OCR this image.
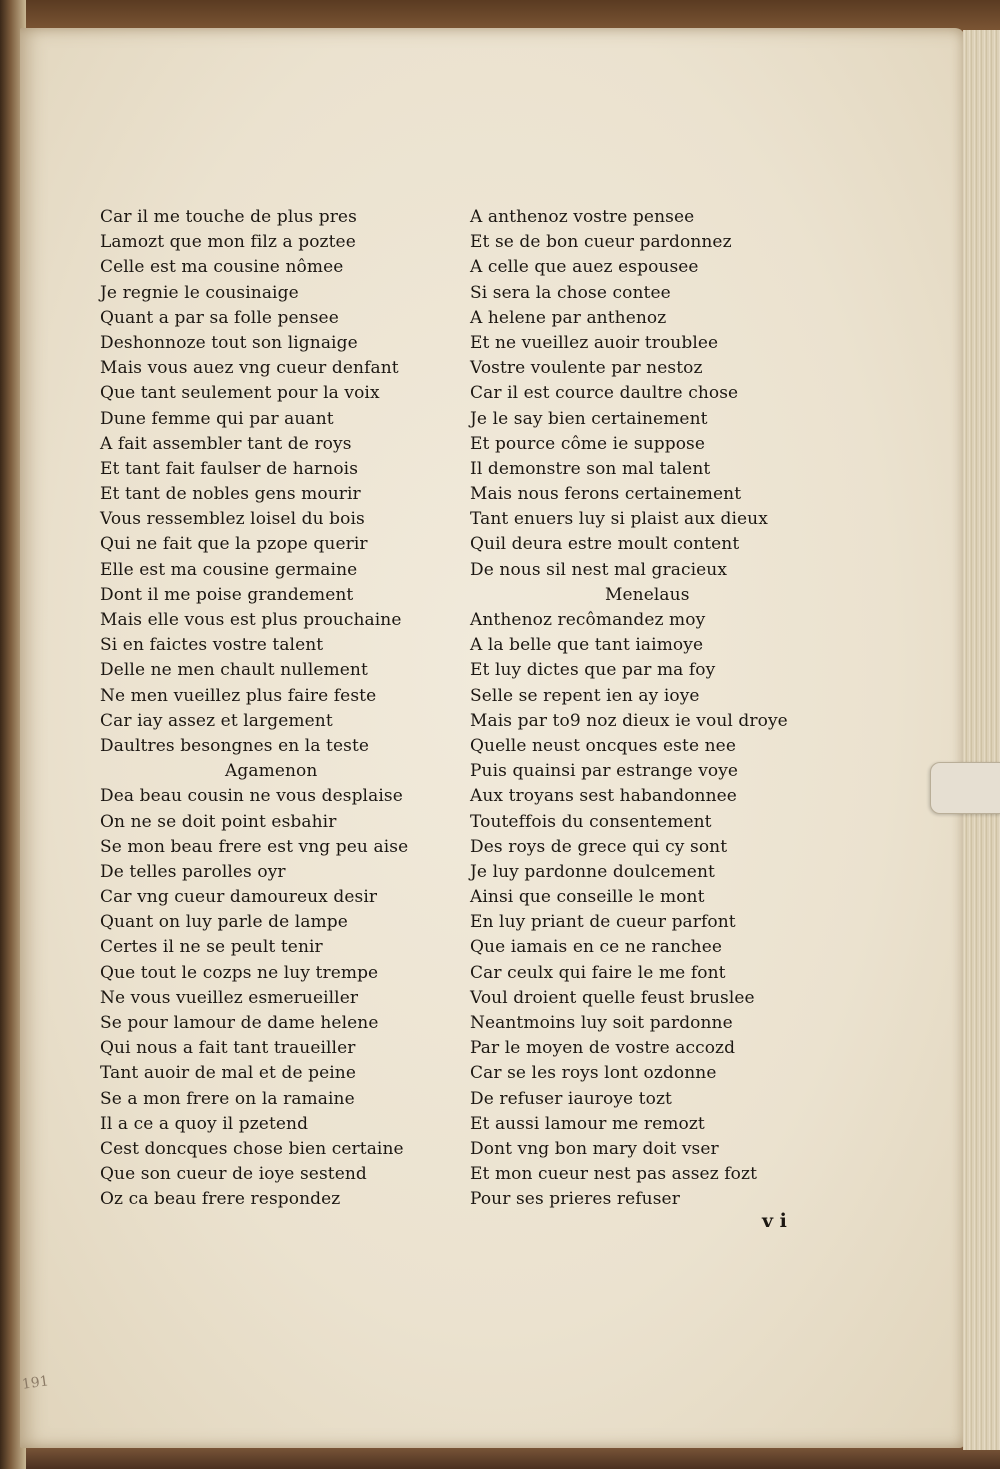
Car il me touche de plus pres
Lamozt que mon filz a poztee
Celle est ma cousine nômee
Je regnie le cousinaige
Quant a par sa folle pensee
Deshonnoze tout son lignaige
Mais vous auez vng cueur denfant
Que tant seulement pour la voix
Dune femme qui par auant
A fait assembler tant de roys
Et tant fait faulser de harnois
Et tant de nobles gens mourir
Vous ressemblez loisel du bois
Qui ne fait que la pzope querir
Elle est ma cousine germaine
Dont il me poise grandement
Mais elle vous est plus prouchaine
Si en faictes vostre talent
Delle ne men chault nullement
Ne men vueillez plus faire feste
Car iay assez et largement
Daultres besongnes en la teste
Agamenon
Dea beau cousin ne vous desplaise
On ne se doit point esbahir
Se mon beau frere est vng peu aise
De telles parolles oyr
Car vng cueur damoureux desir
Quant on luy parle de lampe
Certes il ne se peult tenir
Que tout le cozps ne luy trempe
Ne vous vueillez esmerueiller
Se pour lamour de dame helene
Qui nous a fait tant traueiller
Tant auoir de mal et de peine
Se a mon frere on la ramaine
Il a ce a quoy il pzetend
Cest doncques chose bien certaine
Que son cueur de ioye sestend
Oz ca beau frere respondez
A anthenoz vostre pensee
Et se de bon cueur pardonnez
A celle que auez espousee
Si sera la chose contee
A helene par anthenoz
Et ne vueillez auoir troublee
Vostre voulente par nestoz
Car il est cource daultre chose
Je le say bien certainement
Et pource côme ie suppose
Il demonstre son mal talent
Mais nous ferons certainement
Tant enuers luy si plaist aux dieux
Quil deura estre moult content
De nous sil nest mal gracieux
Menelaus
Anthenoz recômandez moy
A la belle que tant iaimoye
Et luy dictes que par ma foy
Selle se repent ien ay ioye
Mais par to9 noz dieux ie voul droye
Quelle neust oncques este nee
Puis quainsi par estrange voye
Aux troyans sest habandonnee
Touteffois du consentement
Des roys de grece qui cy sont
Je luy pardonne doulcement
Ainsi que conseille le mont
En luy priant de cueur parfont
Que iamais en ce ne ranchee
Car ceulx qui faire le me font
Voul droient quelle feust bruslee
Neantmoins luy soit pardonne
Par le moyen de vostre accozd
Car se les roys lont ozdonne
De refuser iauroye tozt
Et aussi lamour me remozt
Dont vng bon mary doit vser
Et mon cueur nest pas assez fozt
Pour ses prieres refuser
v i
191
